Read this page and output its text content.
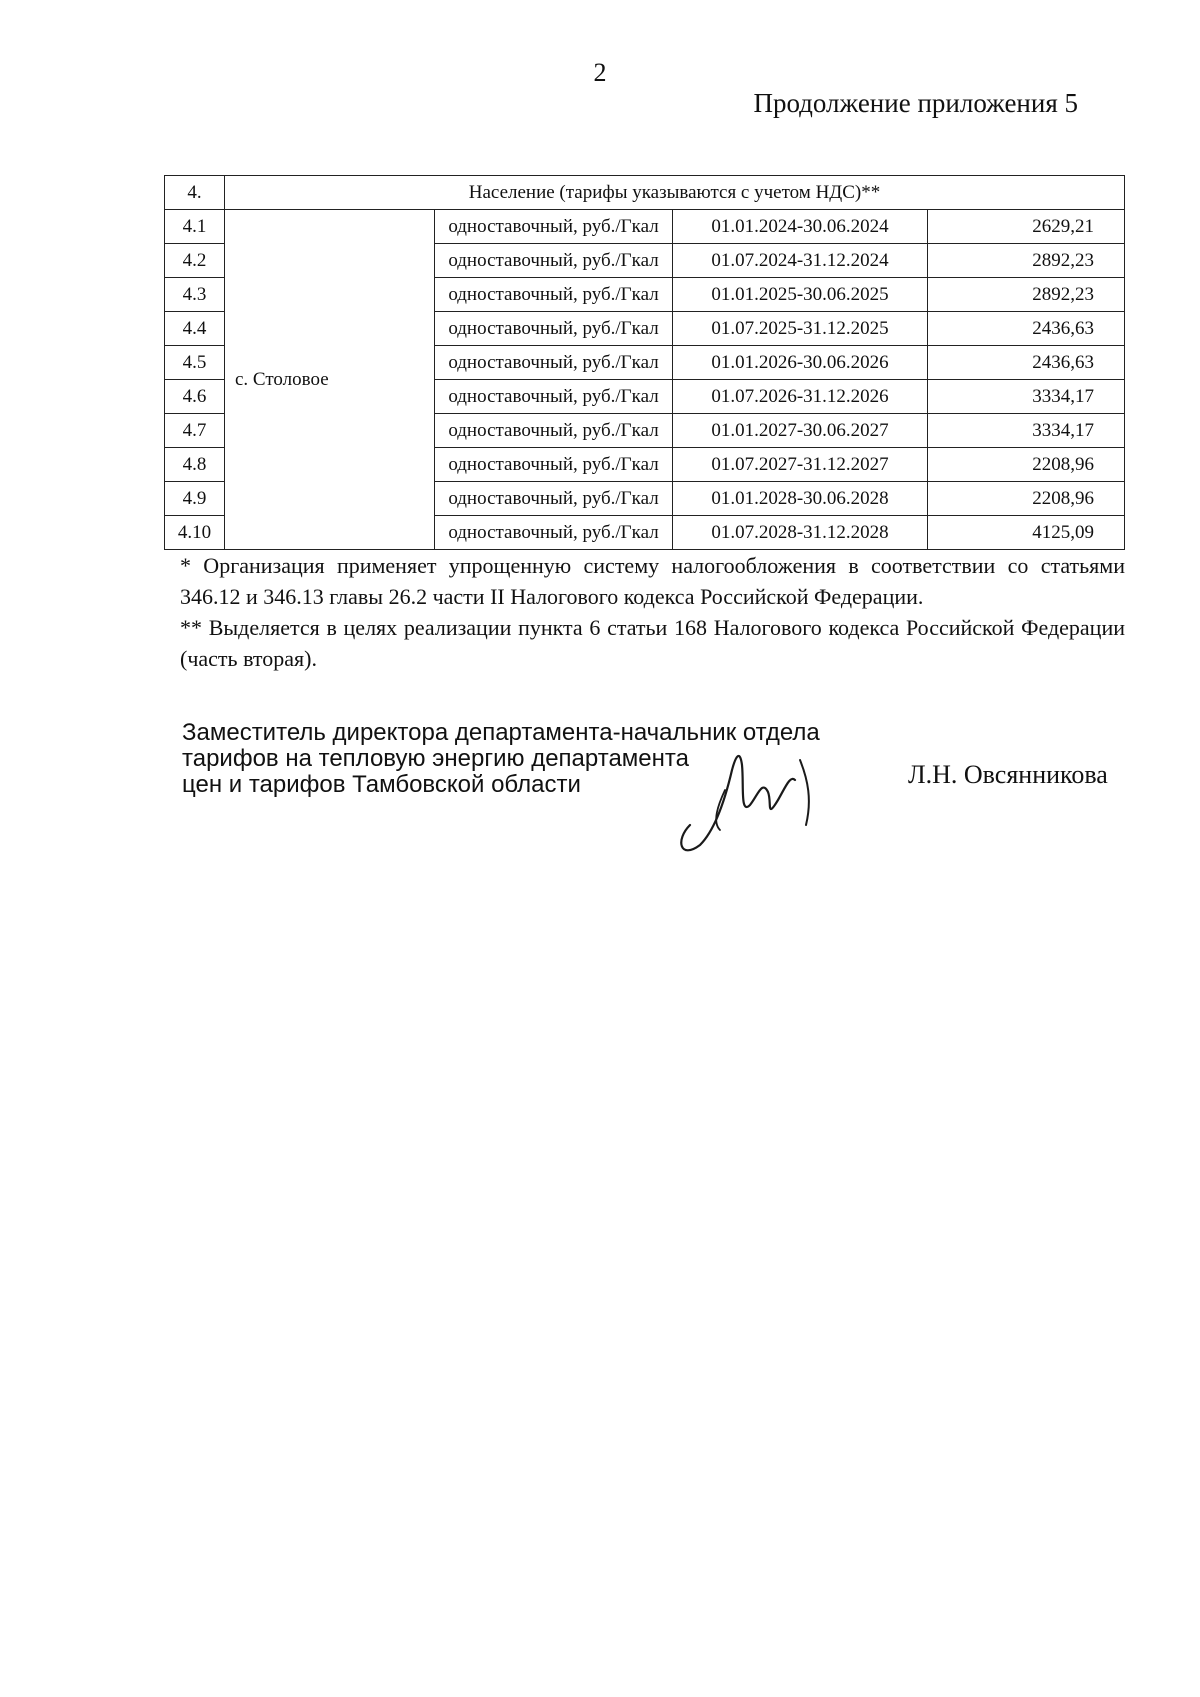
2
Продолжение приложения 5
4.	Население (тарифы указываются с учетом НДС)**			
4.1	с. Столовое	одноставочный, руб./Гкал	01.01.2024-30.06.2024	2629,21
4.2		одноставочный, руб./Гкал	01.07.2024-31.12.2024	2892,23
4.3		одноставочный, руб./Гкал	01.01.2025-30.06.2025	2892,23
4.4		одноставочный, руб./Гкал	01.07.2025-31.12.2025	2436,63
4.5		одноставочный, руб./Гкал	01.01.2026-30.06.2026	2436,63
4.6		одноставочный, руб./Гкал	01.07.2026-31.12.2026	3334,17
4.7		одноставочный, руб./Гкал	01.01.2027-30.06.2027	3334,17
4.8		одноставочный, руб./Гкал	01.07.2027-31.12.2027	2208,96
4.9		одноставочный, руб./Гкал	01.01.2028-30.06.2028	2208,96
4.10		одноставочный, руб./Гкал	01.07.2028-31.12.2028	4125,09

* Организация применяет упрощенную систему налогообложения в соответствии со статьями 346.12 и 346.13 главы 26.2 части II Налогового кодекса Российской Федерации.

** Выделяется в целях реализации пункта 6 статьи 168 Налогового кодекса Российской Федерации (часть вторая).

Заместитель директора департамента-начальник отдела
тарифов на тепловую энергию департамента
цен и тарифов Тамбовской области	Л.Н. Овсянникова
